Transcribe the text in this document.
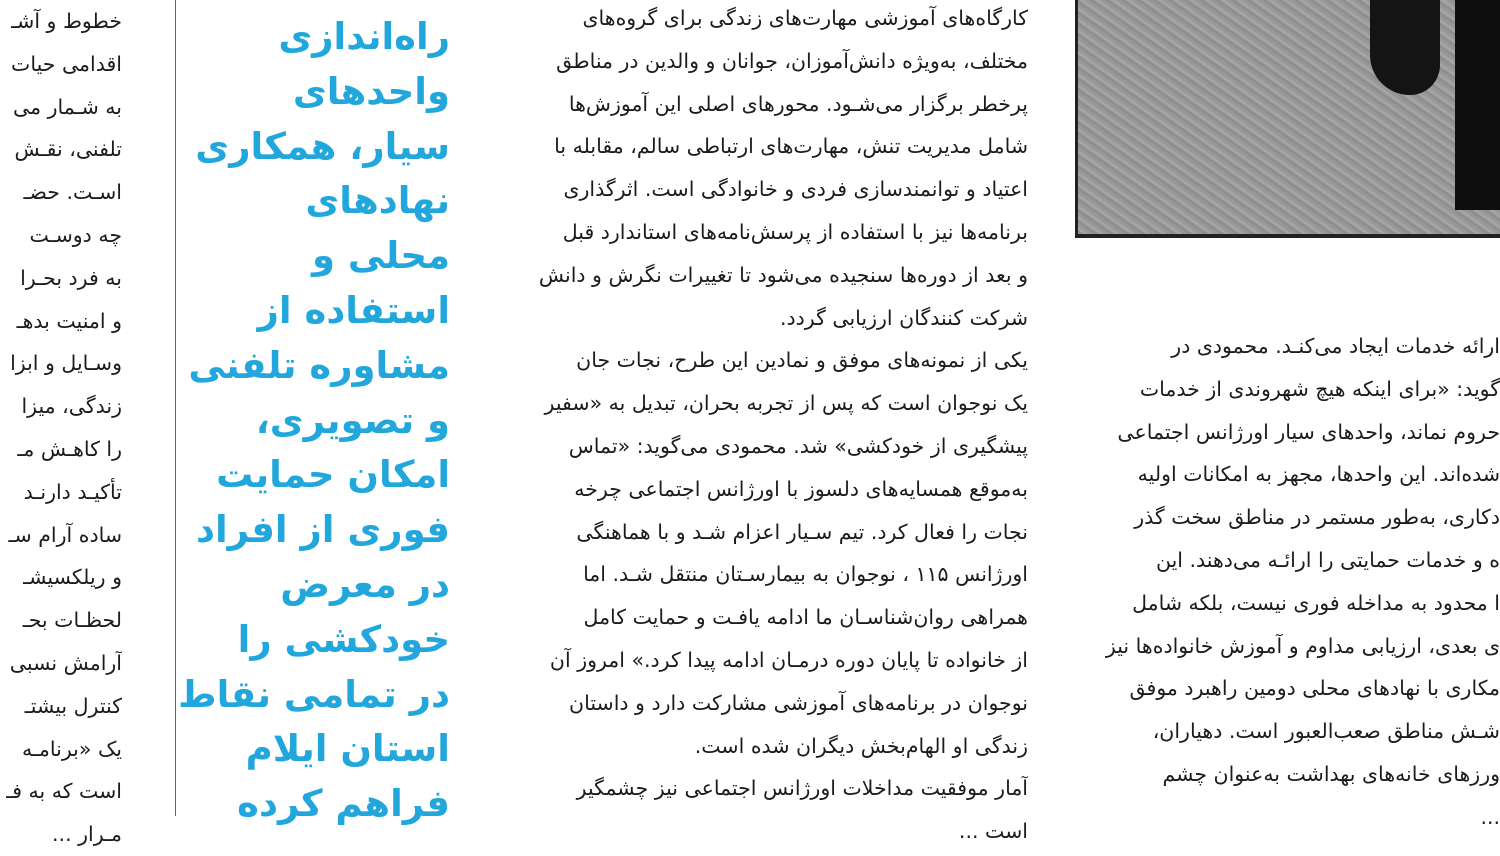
خطوط و آشـ
اقدامی حیات
به شـمار می
تلفنی، نقـش
اسـت. حضـ
چه دوسـت
به فرد بحـرا
و امنیت بدهـ
وسـایل و ابزا
زندگی، میزا
را کاهـش مـ
تأکیـد دارنـد
ساده آرام سـ
و ریلکسیشـ
لحظـات بحـ
آرامش نسبی
کنترل بیشتـ
یک «برنامـه
است که به فـ
مـرار ...
راه‌اندازی
واحدهای
سیار، همکاری
نهادهای
محلی و
استفاده از
مشاوره تلفنی
و تصویری،
امکان حمایت
فوری از افراد
در معرض
خودکشی را
در تمامی نقاط
استان ایلام
فراهم کرده
کارگاه‌های آموزشی مهارت‌های زندگی برای گروه‌های
مختلف، به‌ویژه دانش‌آموزان، جوانان و والدین در مناطق
پرخطر برگزار می‌شـود. محورهای اصلی این آموزش‌ها
شامل مدیریت تنش، مهارت‌های ارتباطی سالم، مقابله با
اعتیاد و توانمندسازی فردی و خانوادگی است. اثرگذاری
برنامه‌ها نیز با استفاده از پرسش‌نامه‌های استاندارد قبل
و بعد از دوره‌ها سنجیده می‌شود تا تغییرات نگرش و دانش
شرکت کنندگان ارزیابی گردد.
یکی از نمونه‌های موفق و نمادین این طرح، نجات جان
یک نوجوان است که پس از تجربه بحران، تبدیل به «سفیر
پیشگیری از خودکشی» شد. محمودی می‌گوید: «تماس
به‌موقع همسایه‌های دلسوز با اورژانس اجتماعی چرخه
نجات را فعال کرد. تیم سـیار اعزام شـد و با هماهنگی
اورژانس ۱۱۵ ، نوجوان به بیمارسـتان منتقل شـد. اما
همراهی روان‌شناسـان ما ادامه یافـت و حمایت کامل
از خانواده تا پایان دوره درمـان ادامه پیدا کرد.» امروز آن
نوجوان در برنامه‌های آموزشی مشارکت دارد و داستان
زندگی او الهام‌بخش دیگران شده است.
آمار موفقیت مداخلات اورژانس اجتماعی نیز چشمگیر
است ...
ارائه خدمات ایجاد می‌کنـد. محمودی در
گوید: «برای اینکه هیچ شهروندی از خدمات
حروم نماند، واحدهای سیار اورژانس اجتماعی
شده‌اند. این واحدها، مجهز به امکانات اولیه
دکاری، به‌طور مستمر در مناطق سخت گذر
ه و خدمات حمایتی را ارائـه می‌دهند. این
ا محدود به مداخله فوری نیست، بلکه شامل
ی بعدی، ارزیابی مداوم و آموزش خانواده‌ها نیز
مکاری با نهادهای محلی دومین راهبرد موفق
شـش مناطق صعب‌العبور است. دهیاران،
ورزهای خانه‌های بهداشت به‌عنوان چشم
...
